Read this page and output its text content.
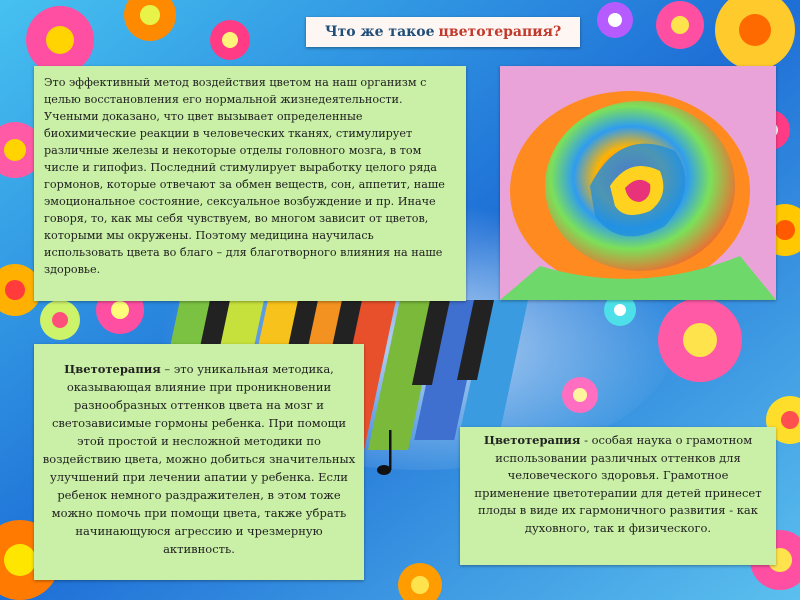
Что же такое цветотерапия?
Это эффективный метод воздействия цветом на наш организм с целью восстановления его нормальной жизнедеятельности. Учеными доказано, что цвет вызывает определенные биохимические реакции в человеческих тканях, стимулирует различные железы и некоторые отделы головного мозга, в том числе и гипофиз. Последний стимулирует выработку целого ряда гормонов, которые отвечают за обмен веществ, сон, аппетит, наше эмоциональное состояние, сексуальное возбуждение и пр. Иначе говоря, то, как мы себя чувствуем, во многом зависит от цветов, которыми мы окружены. Поэтому медицина научилась использовать цвета во благо – для благотворного влияния на наше здоровье.
Цветотерапия – это уникальная методика, оказывающая влияние при проникновении разнообразных оттенков цвета на мозг и светозависимые гормоны ребенка. При помощи этой простой и несложной методики по воздействию цвета, можно добиться значительных улучшений при лечении апатии у ребенка. Если ребенок немного раздражителен, в этом тоже можно помочь при помощи цвета, также убрать начинающуюся агрессию и чрезмерную активность.
Цветотерапия - особая наука о грамотном использовании различных оттенков для человеческого здоровья. Грамотное применение цветотерапии для детей принесет плоды в виде их гармоничного развития - как духовного, так и физического.
